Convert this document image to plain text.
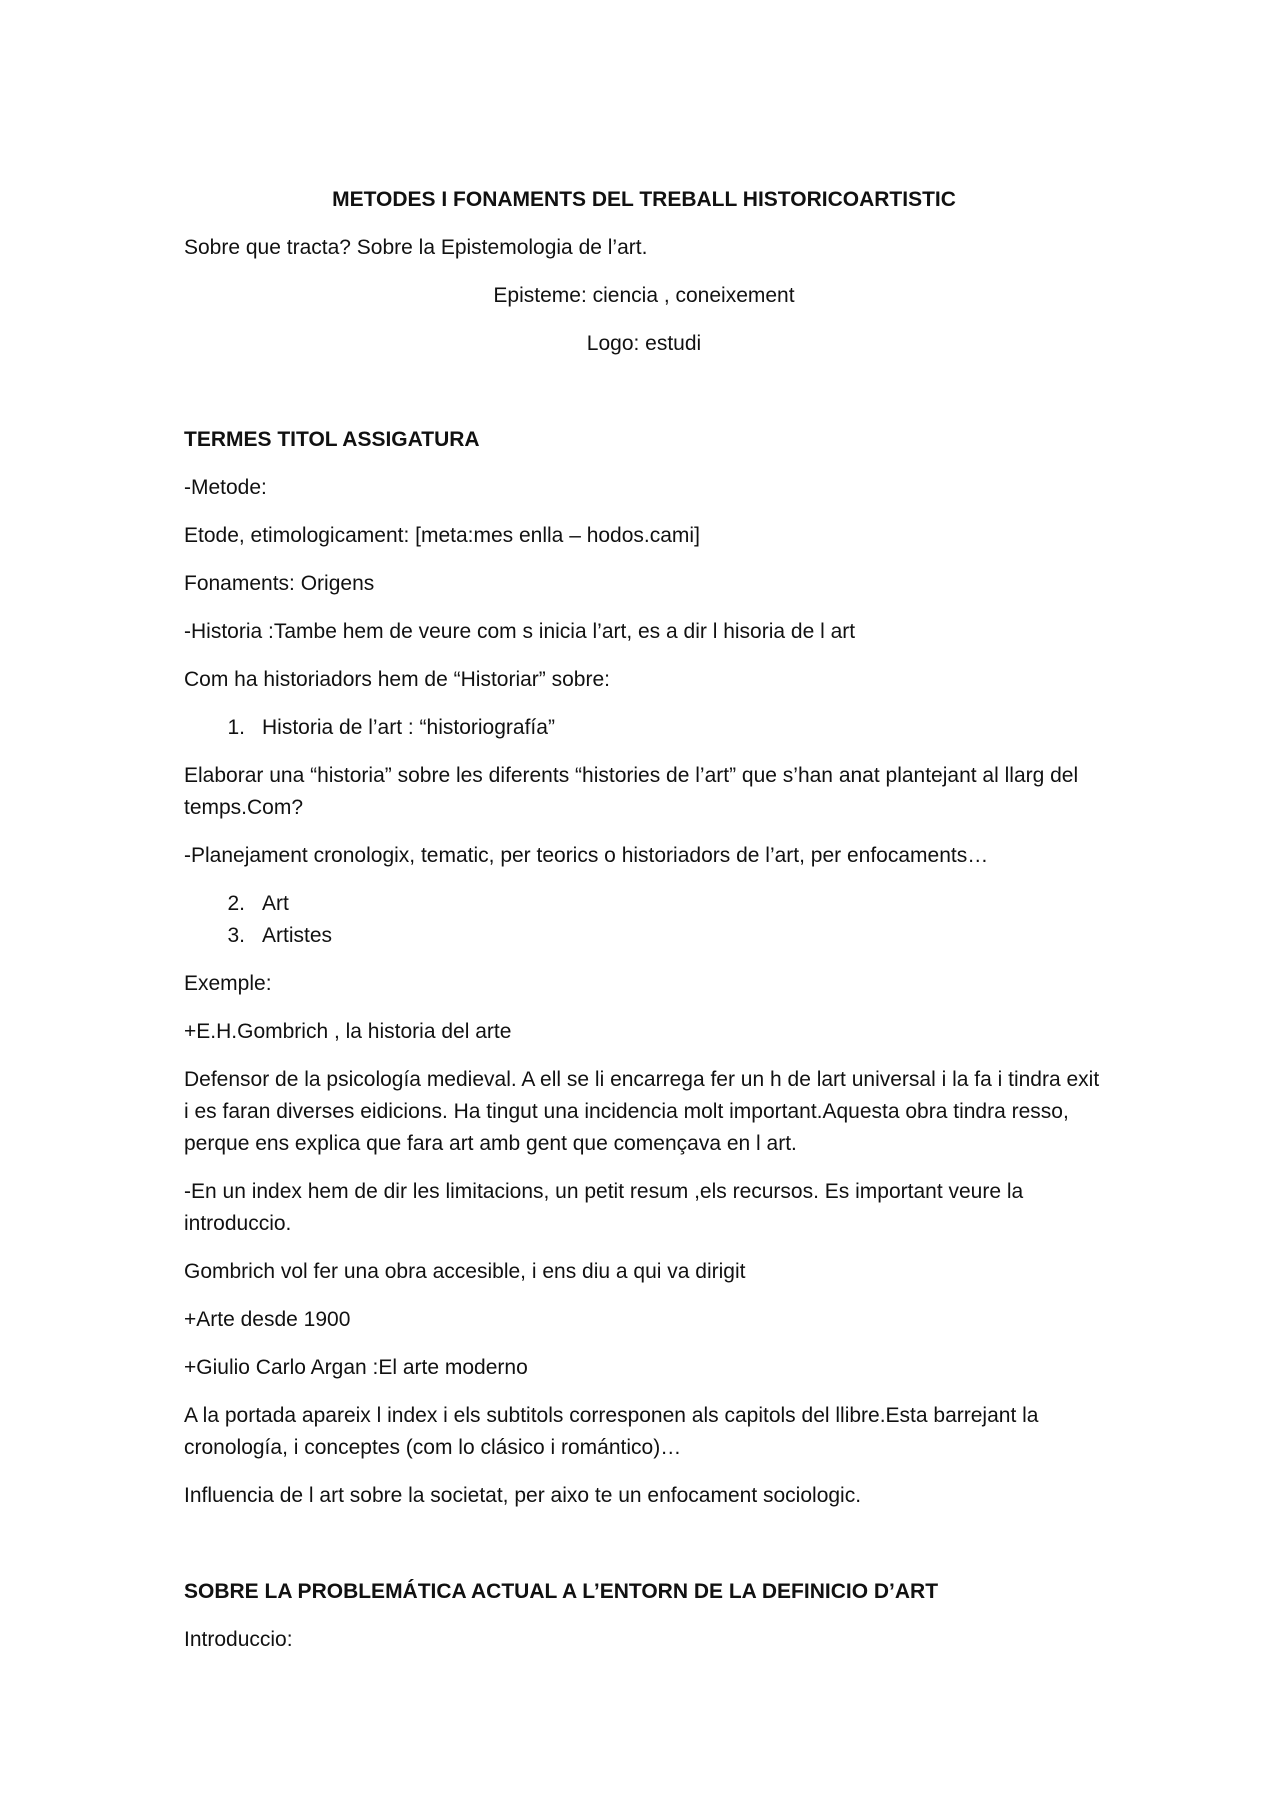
METODES I FONAMENTS DEL TREBALL HISTORICOARTISTIC

Sobre que tracta? Sobre la Epistemologia de l’art.

Episteme: ciencia , coneixement

Logo: estudi

TERMES TITOL ASSIGATURA

-Metode:

Etode, etimologicament: [meta:mes enlla – hodos.cami]

Fonaments: Origens

-Historia :Tambe hem de veure com s inicia l’art, es a dir l hisoria de l art

Com ha historiadors hem de “Historiar” sobre:

1. Historia de l’art : “historiografía”

Elaborar una “historia” sobre les diferents “histories de l’art” que s’han anat plantejant al llarg del temps.Com?

-Planejament cronologix, tematic, per teorics o historiadors de l’art, per enfocaments…

2. Art
3. Artistes

Exemple:

+E.H.Gombrich , la historia del arte

Defensor de la psicología medieval. A ell se li encarrega fer un h de lart universal i la fa i tindra exit i es faran diverses eidicions. Ha tingut una incidencia molt important.Aquesta obra tindra resso, perque ens explica que fara art amb gent que començava en l art.

-En un index hem de dir les limitacions, un petit resum ,els recursos. Es important veure la introduccio.

Gombrich vol fer una obra accesible, i ens diu a qui va dirigit

+Arte desde 1900

+Giulio Carlo Argan :El arte moderno

A la portada apareix l index i els subtitols corresponen als capitols del llibre.Esta barrejant la cronología, i conceptes (com lo clásico i romántico)…

Influencia de l art sobre la societat, per aixo te un enfocament sociologic.

SOBRE LA PROBLEMÁTICA ACTUAL A L’ENTORN DE LA DEFINICIO D’ART

Introduccio:
